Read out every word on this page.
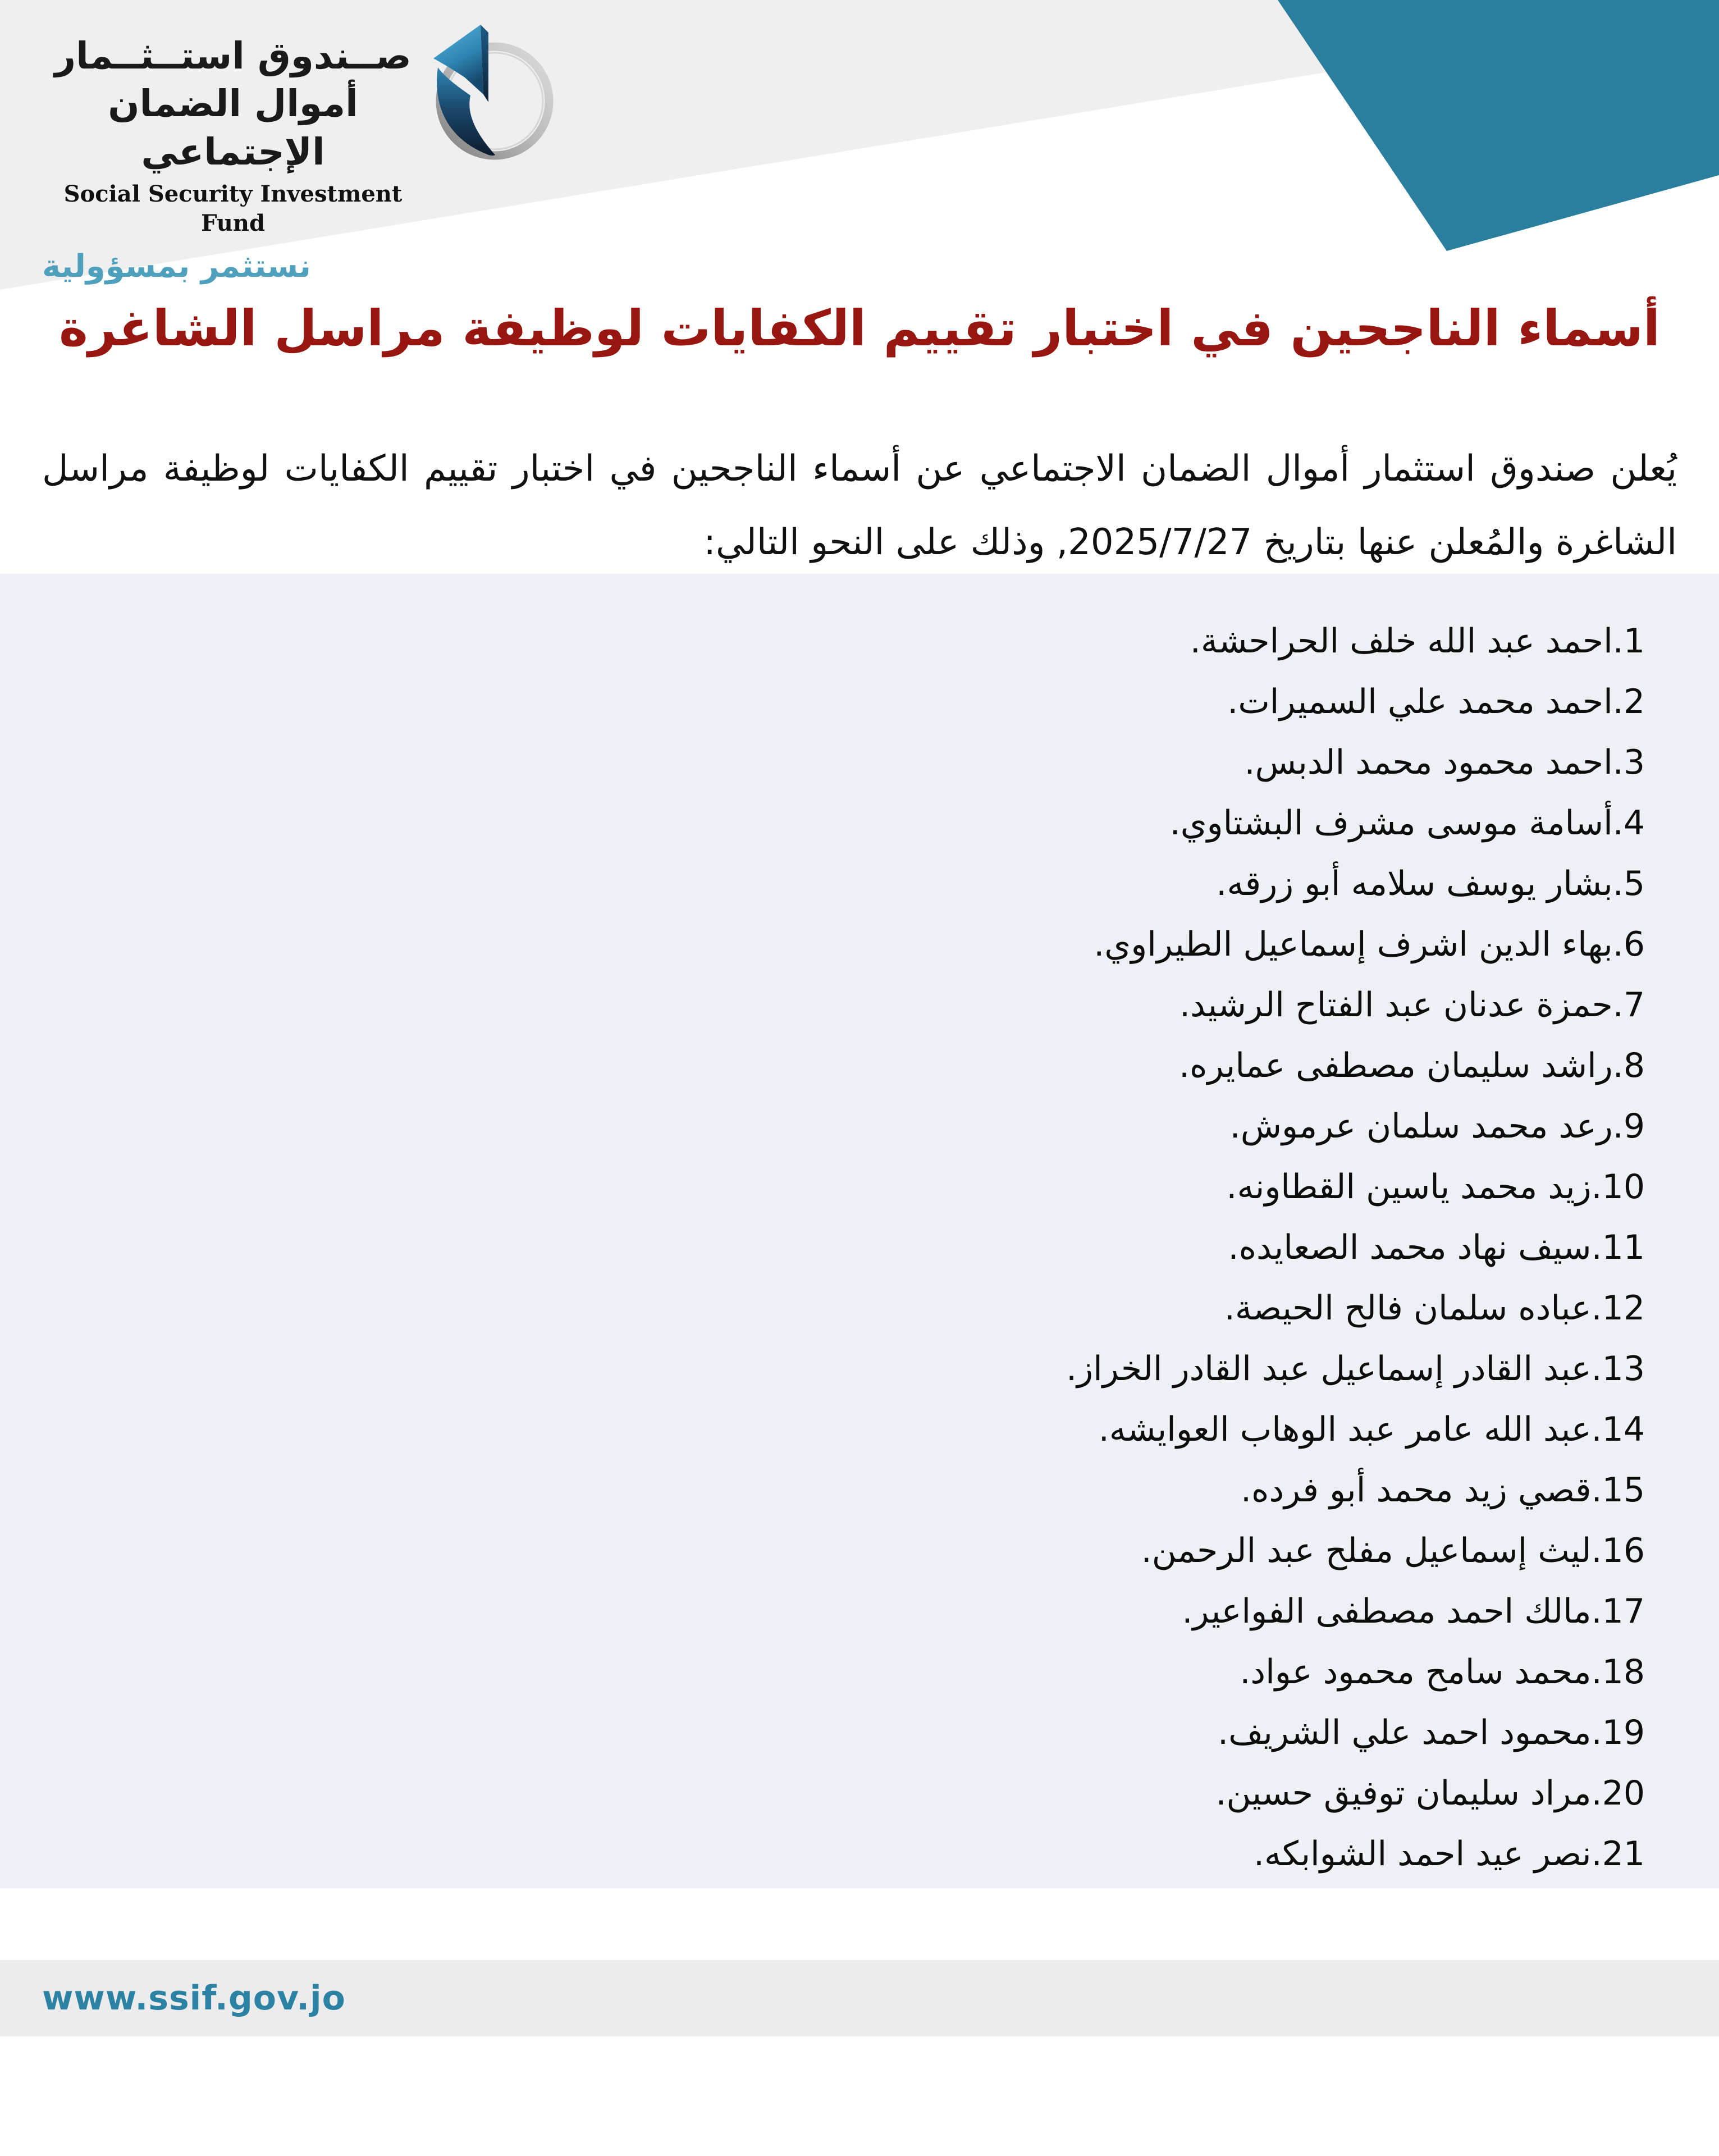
صــندوق استــثــمار
أموال الضمان الإجتماعي
Social Security Investment Fund
نستثمر بمسؤولية
أسماء الناجحين في اختبار تقييم الكفايات لوظيفة مراسل الشاغرة
يُعلن صندوق استثمار أموال الضمان الاجتماعي عن أسماء الناجحين في اختبار تقييم الكفايات لوظيفة مراسل
الشاغرة والمُعلن عنها بتاريخ 2025/7/27, وذلك على النحو التالي:
1.احمد عبد الله خلف الحراحشة.
2.احمد محمد علي السميرات.
3.احمد محمود محمد الدبس.
4.أسامة موسى مشرف البشتاوي.
5.بشار يوسف سلامه أبو زرقه.
6.بهاء الدين اشرف إسماعيل الطيراوي.
7.حمزة عدنان عبد الفتاح الرشيد.
8.راشد سليمان مصطفى عمايره.
9.رعد محمد سلمان عرموش.
10.زيد محمد ياسين القطاونه.
11.سيف نهاد محمد الصعايده.
12.عباده سلمان فالح الحيصة.
13.عبد القادر إسماعيل عبد القادر الخراز.
14.عبد الله عامر عبد الوهاب العوايشه.
15.قصي زيد محمد أبو فرده.
16.ليث إسماعيل مفلح عبد الرحمن.
17.مالك احمد مصطفى الفواعير.
18.محمد سامح محمود عواد.
19.محمود احمد علي الشريف.
20.مراد سليمان توفيق حسين.
21.نصر عيد احمد الشوابكه.
www.ssif.gov.jo
